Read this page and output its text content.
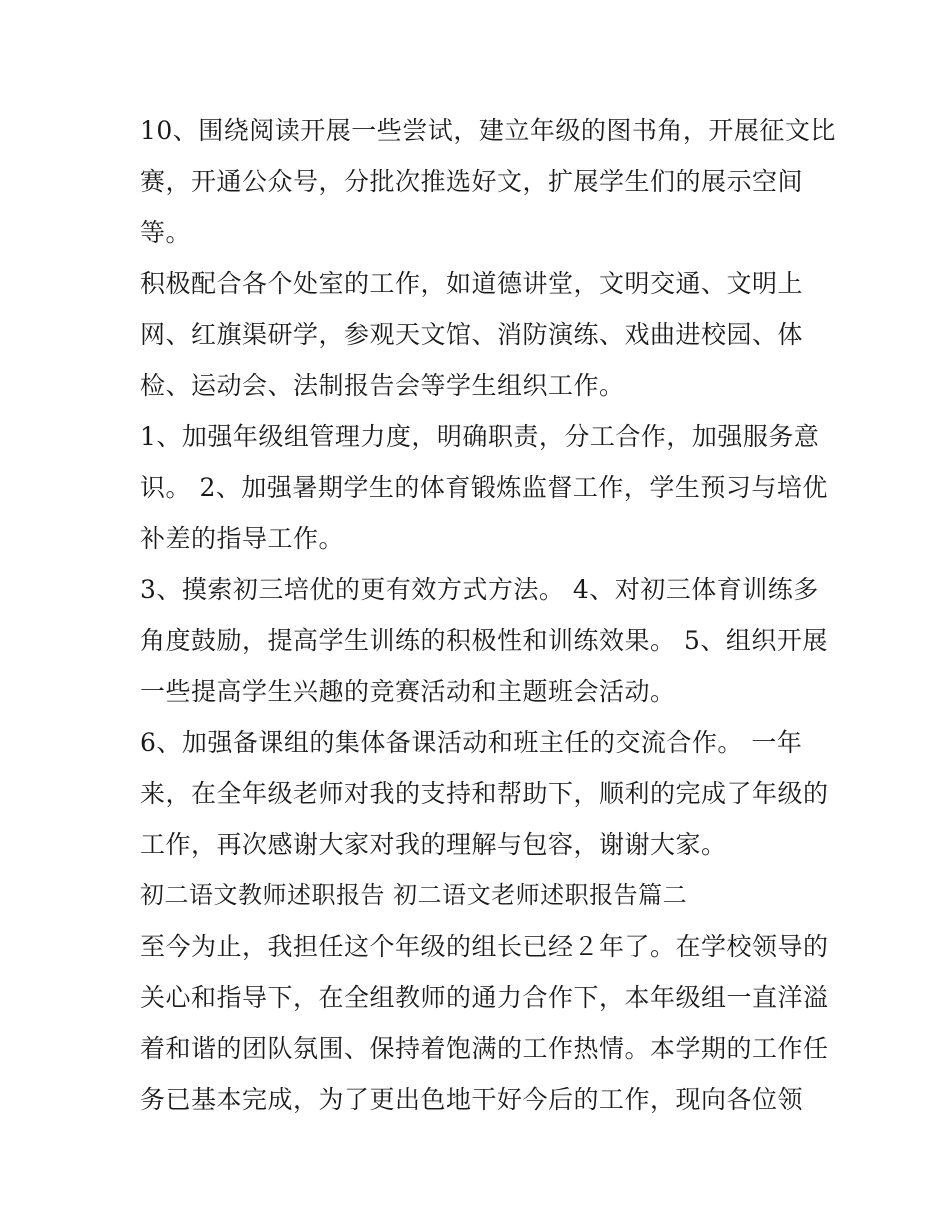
10、围绕阅读开展一些尝试，建立年级的图书角，开展征文比
赛，开通公众号，分批次推选好文，扩展学生们的展示空间
等。
积极配合各个处室的工作，如道德讲堂，文明交通、文明上
网、红旗渠研学，参观天文馆、消防演练、戏曲进校园、体
检、运动会、法制报告会等学生组织工作。
1、加强年级组管理力度，明确职责，分工合作，加强服务意
识。 2、加强暑期学生的体育锻炼监督工作，学生预习与培优
补差的指导工作。
3、摸索初三培优的更有效方式方法。 4、对初三体育训练多
角度鼓励，提高学生训练的积极性和训练效果。 5、组织开展
一些提高学生兴趣的竞赛活动和主题班会活动。
6、加强备课组的集体备课活动和班主任的交流合作。 一年
来，在全年级老师对我的支持和帮助下，顺利的完成了年级的
工作，再次感谢大家对我的理解与包容，谢谢大家。
初二语文教师述职报告 初二语文老师述职报告篇二
至今为止，我担任这个年级的组长已经２年了。在学校领导的
关心和指导下，在全组教师的通力合作下，本年级组一直洋溢
着和谐的团队氛围、保持着饱满的工作热情。本学期的工作任
务已基本完成，为了更出色地干好今后的工作，现向各位领
